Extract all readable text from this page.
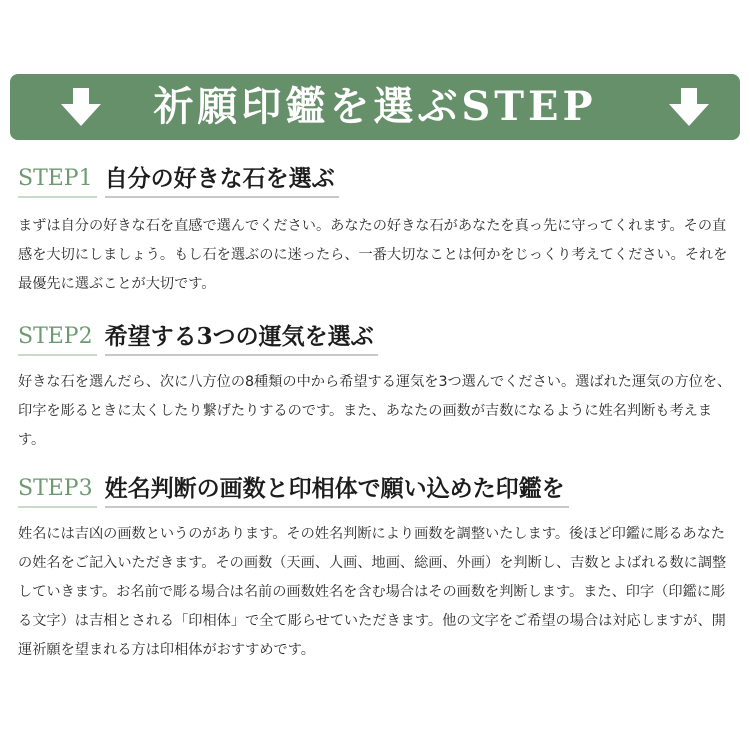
祈願印鑑を選ぶSTEP
STEP1 自分の好きな石を選ぶ

まずは自分の好きな石を直感で選んでください。あなたの好きな石があなたを真っ先に守ってくれます。その直感を大切にしましょう。もし石を選ぶのに迷ったら、一番大切なことは何かをじっくり考えてください。それを最優先に選ぶことが大切です。

STEP2 希望する3つの運気を選ぶ

好きな石を選んだら、次に八方位の8種類の中から希望する運気を3つ選んでください。選ばれた運気の方位を、印字を彫るときに太くしたり繋げたりするのです。また、あなたの画数が吉数になるように姓名判断も考えます。

STEP3 姓名判断の画数と印相体で願い込めた印鑑を

姓名には吉凶の画数というのがあります。その姓名判断により画数を調整いたします。後ほど印鑑に彫るあなたの姓名をご記入いただきます。その画数（天画、人画、地画、総画、外画）を判断し、吉数とよばれる数に調整していきます。お名前で彫る場合は名前の画数姓名を含む場合はその画数を判断します。また、印字（印鑑に彫る文字）は吉相とされる「印相体」で全て彫らせていただきます。他の文字をご希望の場合は対応しますが、開運祈願を望まれる方は印相体がおすすめです。
